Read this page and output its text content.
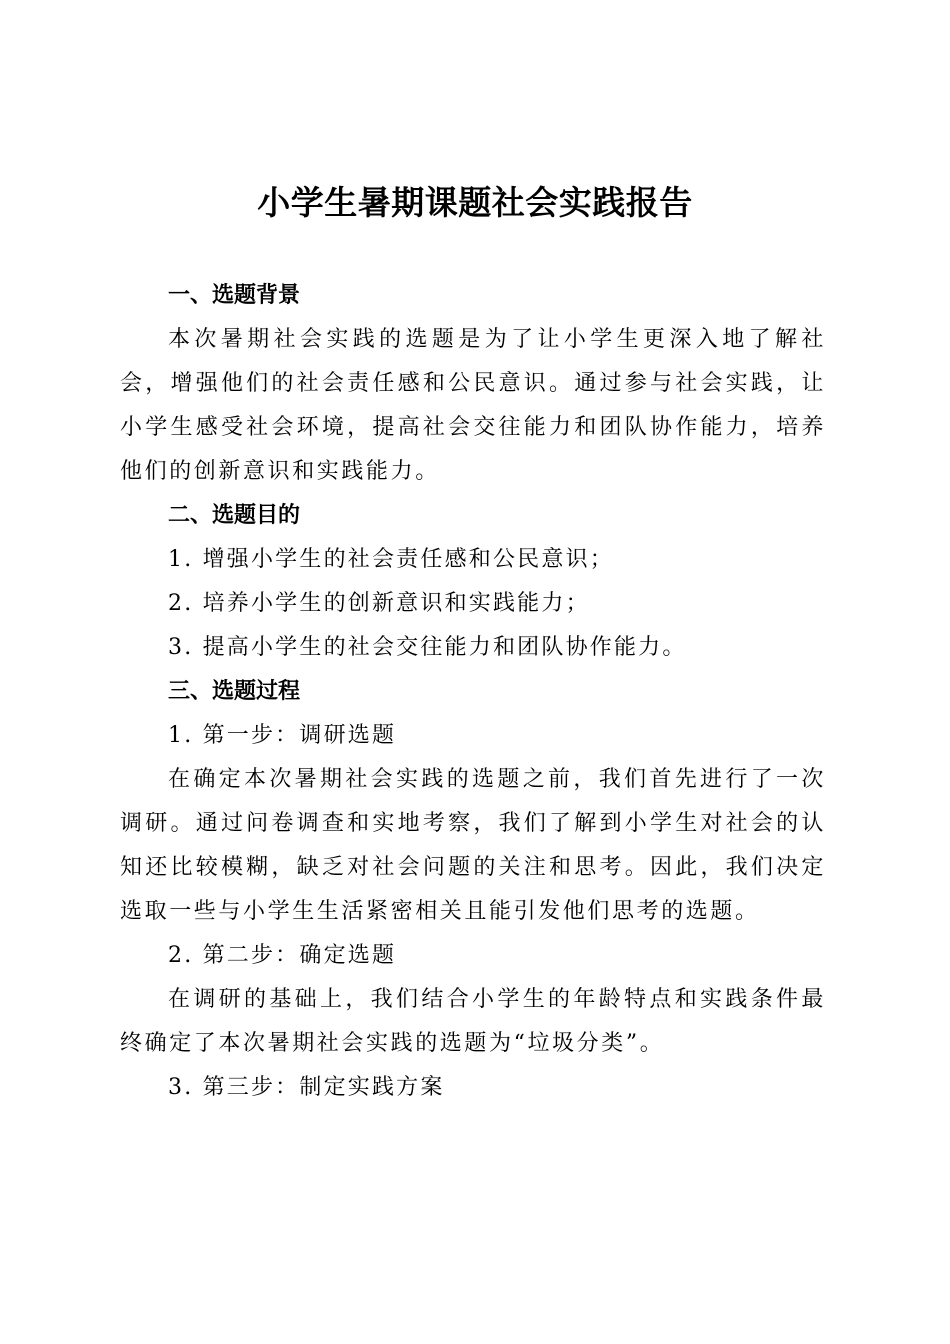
小学生暑期课题社会实践报告

一、选题背景

本次暑期社会实践的选题是为了让小学生更深入地了解社会，增强他们的社会责任感和公民意识。通过参与社会实践，让小学生感受社会环境，提高社会交往能力和团队协作能力，培养他们的创新意识和实践能力。

二、选题目的

1. 增强小学生的社会责任感和公民意识；

2. 培养小学生的创新意识和实践能力；

3. 提高小学生的社会交往能力和团队协作能力。

三、选题过程

1. 第一步：调研选题

在确定本次暑期社会实践的选题之前，我们首先进行了一次调研。通过问卷调查和实地考察，我们了解到小学生对社会的认知还比较模糊，缺乏对社会问题的关注和思考。因此，我们决定选取一些与小学生生活紧密相关且能引发他们思考的选题。

2. 第二步：确定选题

在调研的基础上，我们结合小学生的年龄特点和实践条件最终确定了本次暑期社会实践的选题为“垃圾分类”。

3. 第三步：制定实践方案
